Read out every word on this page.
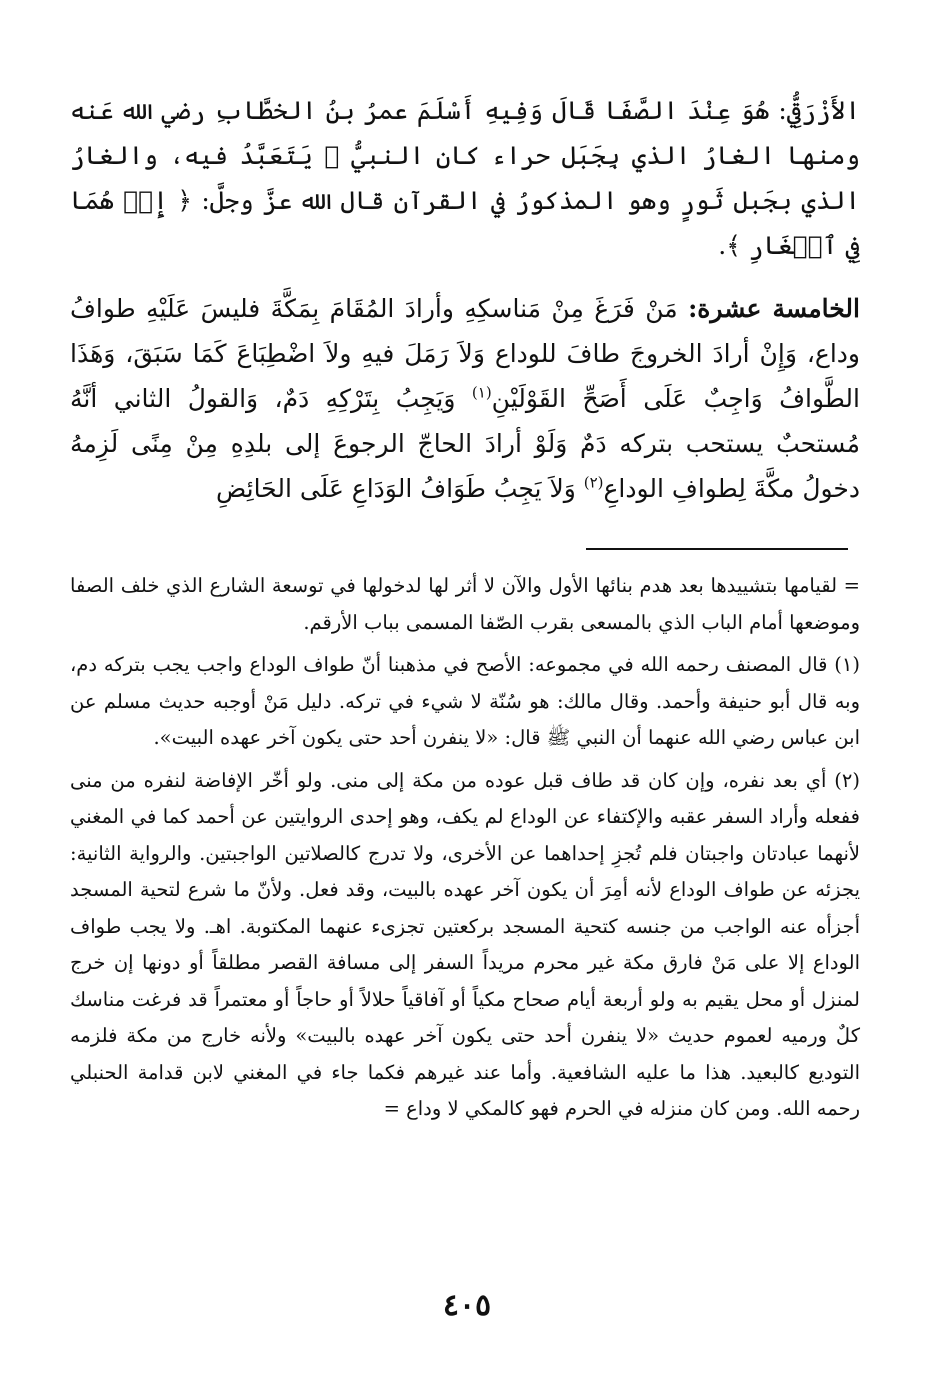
الأَزْرَقِيُّ: هُوَ عِنْدَ الصَّفَا قَالَ وَفِيهِ أَسْلَمَ عمرُ بنُ الخطَّابِ رضي الله عَنه ومنها الغارُ الذي بِجَبَل حراء كان النبيُّ ﷺ يَتَعَبَّدُ فيه، والغارُ الذي بجَبل ثَورٍ وهو المذكورُ في القرآن قال الله عزَّ وجلَّ: ﴿ إِذۡ هُمَا فِي ٱلۡغَارِ ﴾.

الخامسة عشرة: مَنْ فَرَغَ مِنْ مَناسكِهِ وأرادَ المُقَامَ بِمَكَّةَ فليسَ عَلَيْهِ طوافُ وداع، وَإِنْ أرادَ الخروجَ طافَ للوداع وَلاَ رَمَلَ فيهِ ولاَ اضْطِبَاعَ كَمَا سَبَقَ، وَهَذَا الطَّوافُ وَاجِبٌ عَلَى أَصَحِّ القَوْلَيْنِ$^{(١)}$ وَيَجِبُ بِتَرْكِهِ دَمٌ، وَالقولُ الثاني أنَّهُ مُستحبٌ يستحب بتركه دَمٌ وَلَوْ أرادَ الحاجّ الرجوعَ إلى بلدِهِ مِنْ مِنًى لَزِمهُ دخولُ مكَّةَ لِطوافِ الوداعِ$^{(٢)}$ وَلاَ يَجِبُ طَوَافُ الوَدَاعِ عَلَى الحَائِضِ

= لقيامها بتشييدها بعد هدم بنائها الأول والآن لا أثر لها لدخولها في توسعة الشارع الذي خلف الصفا وموضعها أمام الباب الذي بالمسعى بقرب الصّفا المسمى بباب الأرقم.

(١) قال المصنف رحمه الله في مجموعه: الأصح في مذهبنا أنّ طواف الوداع واجب يجب بتركه دم، وبه قال أبو حنيفة وأحمد. وقال مالك: هو سُنّة لا شيء في تركه. دليل مَنْ أوجبه حديث مسلم عن ابن عباس رضي الله عنهما أن النبي ﷺ قال: «لا ينفرن أحد حتى يكون آخر عهده البيت».

(٢) أي بعد نفره، وإن كان قد طاف قبل عوده من مكة إلى منى. ولو أخّر الإفاضة لنفره من منى ففعله وأراد السفر عقبه والإكتفاء عن الوداع لم يكف، وهو إحدى الروايتين عن أحمد كما في المغني لأنهما عبادتان واجبتان فلم تُجزِ إحداهما عن الأخرى، ولا تدرج كالصلاتين الواجبتين. والرواية الثانية: يجزئه عن طواف الوداع لأنه أمِرَ أن يكون آخر عهده بالبيت، وقد فعل. ولأنّ ما شرع لتحية المسجد أجزأه عنه الواجب من جنسه كتحية المسجد بركعتين تجزىء عنهما المكتوبة. اهـ. ولا يجب طواف الوداع إلا على مَنْ فارق مكة غير محرم مريداً السفر إلى مسافة القصر مطلقاً أو دونها إن خرج لمنزل أو محل يقيم به ولو أربعة أيام صحاح مكياً أو آفاقياً حلالاً أو حاجاً أو معتمراً قد فرغت مناسك كلٌ ورميه لعموم حديث «لا ينفرن أحد حتى يكون آخر عهده بالبيت» ولأنه خارج من مكة فلزمه التوديع كالبعيد. هذا ما عليه الشافعية. وأما عند غيرهم فكما جاء في المغني لابن قدامة الحنبلي رحمه الله. ومن كان منزله في الحرم فهو كالمكي لا وداع =

٤٠٥
